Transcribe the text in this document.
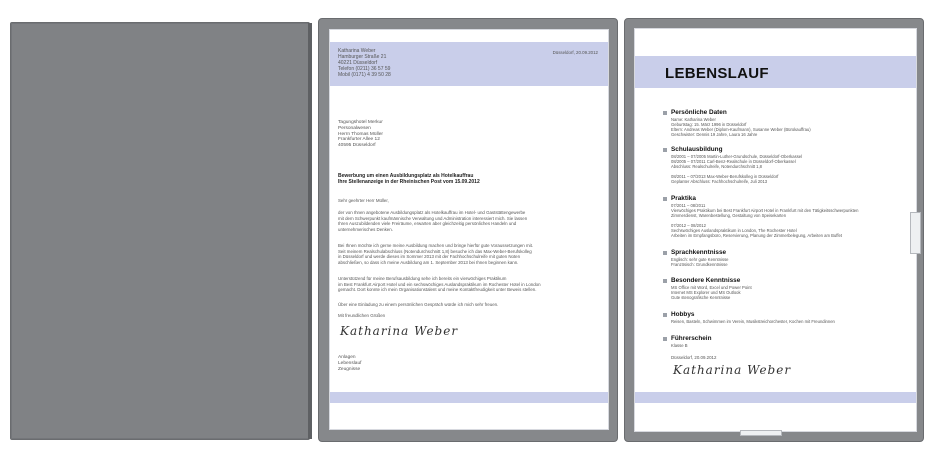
Katharina Weber
Hamburger Straße 21
40221 Düsseldorf
Telefon (0211) 36 57 59
Mobil (0171) 4 39 50 28
Düsseldorf, 20.09.2012
Tagungshotel Merkur
Personalwesen
Herrn Thomas Müller
Frankfurter Allee 12
40595 Düsseldorf
Bewerbung um einen Ausbildungsplatz als Hotelkauffrau
Ihre Stellenanzeige in der Rheinischen Post vom 15.09.2012
Sehr geehrter Herr Müller,
der von Ihnen angebotene Ausbildungsplatz als Hotelkauffrau im Hotel- und Gaststättengewerbe
mit dem Schwerpunkt kaufmännische Verwaltung und Administration interessiert mich. Sie lassen
Ihren Auszubildenden viele Freiräume, erwarten aber gleichzeitig persönliches Handeln und
unternehmerisches Denken.
Bei Ihnen möchte ich gerne meine Ausbildung machen und bringe hierfür gute Voraussetzungen mit.
Seit meinem Realschulabschluss (Notendurchschnitt 1,8) besuche ich das Max-Weber-Berufskolleg
in Düsseldorf und werde dieses im Sommer 2013 mit der Fachhochschulreife mit guten Noten
abschließen, so dass ich meine Ausbildung am 1. September 2013 bei Ihnen beginnen kann.
Unterstützend für meine Berufsausbildung sehe ich bereits ein vierwöchiges Praktikum
im Best Frankfurt Airport Hotel und ein sechswöchiges Auslandspraktikum im Rochester Hotel in London
gemacht. Dort konnte ich mein Organisationstalent und meine Kontaktfreudigkeit unter Beweis stellen.
Über eine Einladung zu einem persönlichen Gespräch würde ich mich sehr freuen.
Mit freundlichen Grüßen
Katharina Weber
Anlagen
Lebenslauf
Zeugnisse
LEBENSLAUF
Persönliche Daten
Name: Katharina Weber
Geburtstag: 15. März 1996 in Düsseldorf
Eltern: Andreas Weber (Diplom-Kaufmann), Susanne Weber (Bürokauffrau)
Geschwister: Dennis 19 Jahre, Laura 16 Jahre
Schulausbildung
08/2001 – 07/2005 Martin-Luther-Grundschule, Düsseldorf-Oberkassel
08/2005 – 07/2011 Carl-Benz-Realschule in Düsseldorf-Oberkassel
Abschluss: Realschulreife, Notendurchschnitt 1,8

08/2011 – 07/2013 Max-Weber-Berufskolleg in Düsseldorf
Geplanter Abschluss: Fachhochschulreife, Juli 2013
Praktika
07/2011 – 08/2011
Vierwöchiges Praktikum bei Best Frankfurt Airport Hotel in Frankfurt mit den Tätigkeitsschwerpunkten
Zimmerdienst, Warenbestellung, Gestaltung von Speisekarten

07/2012 – 08/2012
Sechswöchiges Auslandspraktikum in London, The Rochester Hotel
Arbeiten im Empfangsbüro, Reservierung, Planung der Zimmerbelegung, Arbeiten am Buffet
Sprachkenntnisse
Englisch: sehr gute Kenntnisse
Französisch: Grundkenntnisse
Besondere Kenntnisse
MS Office mit Word, Excel und Power Point
Internet MS Explorer und MS Outlook
Gute stenografische Kenntnisse
Hobbys
Reisen, Basteln, Schwimmen im Verein, Musikstreichorchester, Kochen mit Freundinnen
Führerschein
Klasse B
Düsseldorf, 20.09.2012
Katharina Weber
